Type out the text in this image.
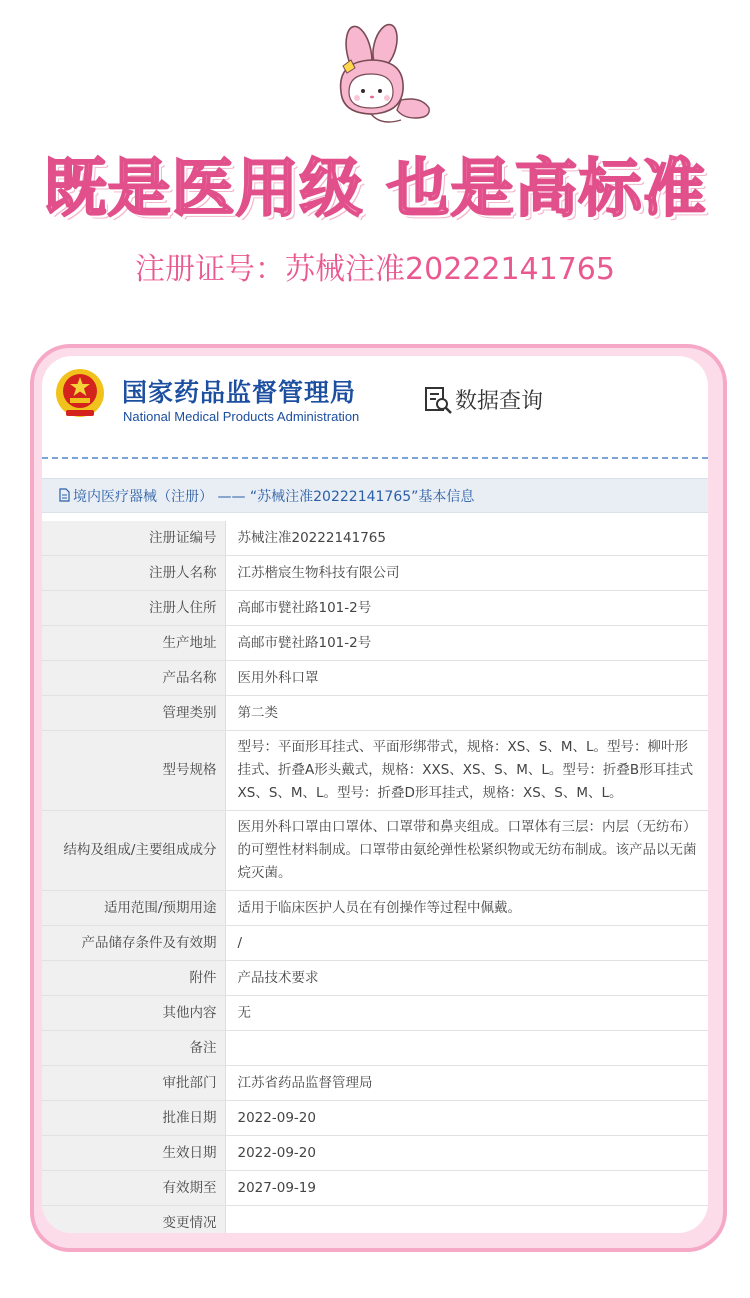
既是医用级 也是高标准
注册证号：苏械注准20222141765
国家药品监督管理局
National Medical Products Administration
数据查询
境内医疗器械（注册） —— “苏械注准20222141765”基本信息
注册证编号	苏械注准20222141765

注册人名称	江苏楷宸生物科技有限公司

注册人住所	高邮市甓社路101-2号

生产地址	高邮市甓社路101-2号

产品名称	医用外科口罩

管理类别	第二类

型号规格	型号：平面形耳挂式、平面形绑带式，规格：XS、S、M、L。型号：柳叶形
挂式、折叠A形头戴式，规格：XXS、XS、S、M、L。型号：折叠B形耳挂式
XS、S、M、L。型号：折叠D形耳挂式，规格：XS、S、M、L。

结构及组成/主要组成成分	医用外科口罩由口罩体、口罩带和鼻夹组成。口罩体有三层：内层（无纺布）
的可塑性材料制成。口罩带由氨纶弹性松紧织物或无纺布制成。该产品以无菌
烷灭菌。

适用范围/预期用途	适用于临床医护人员在有创操作等过程中佩戴。

产品储存条件及有效期	/

附件	产品技术要求

其他内容	无

备注	

审批部门	江苏省药品监督管理局

批准日期	2022-09-20

生效日期	2022-09-20

有效期至	2027-09-19

变更情况	
